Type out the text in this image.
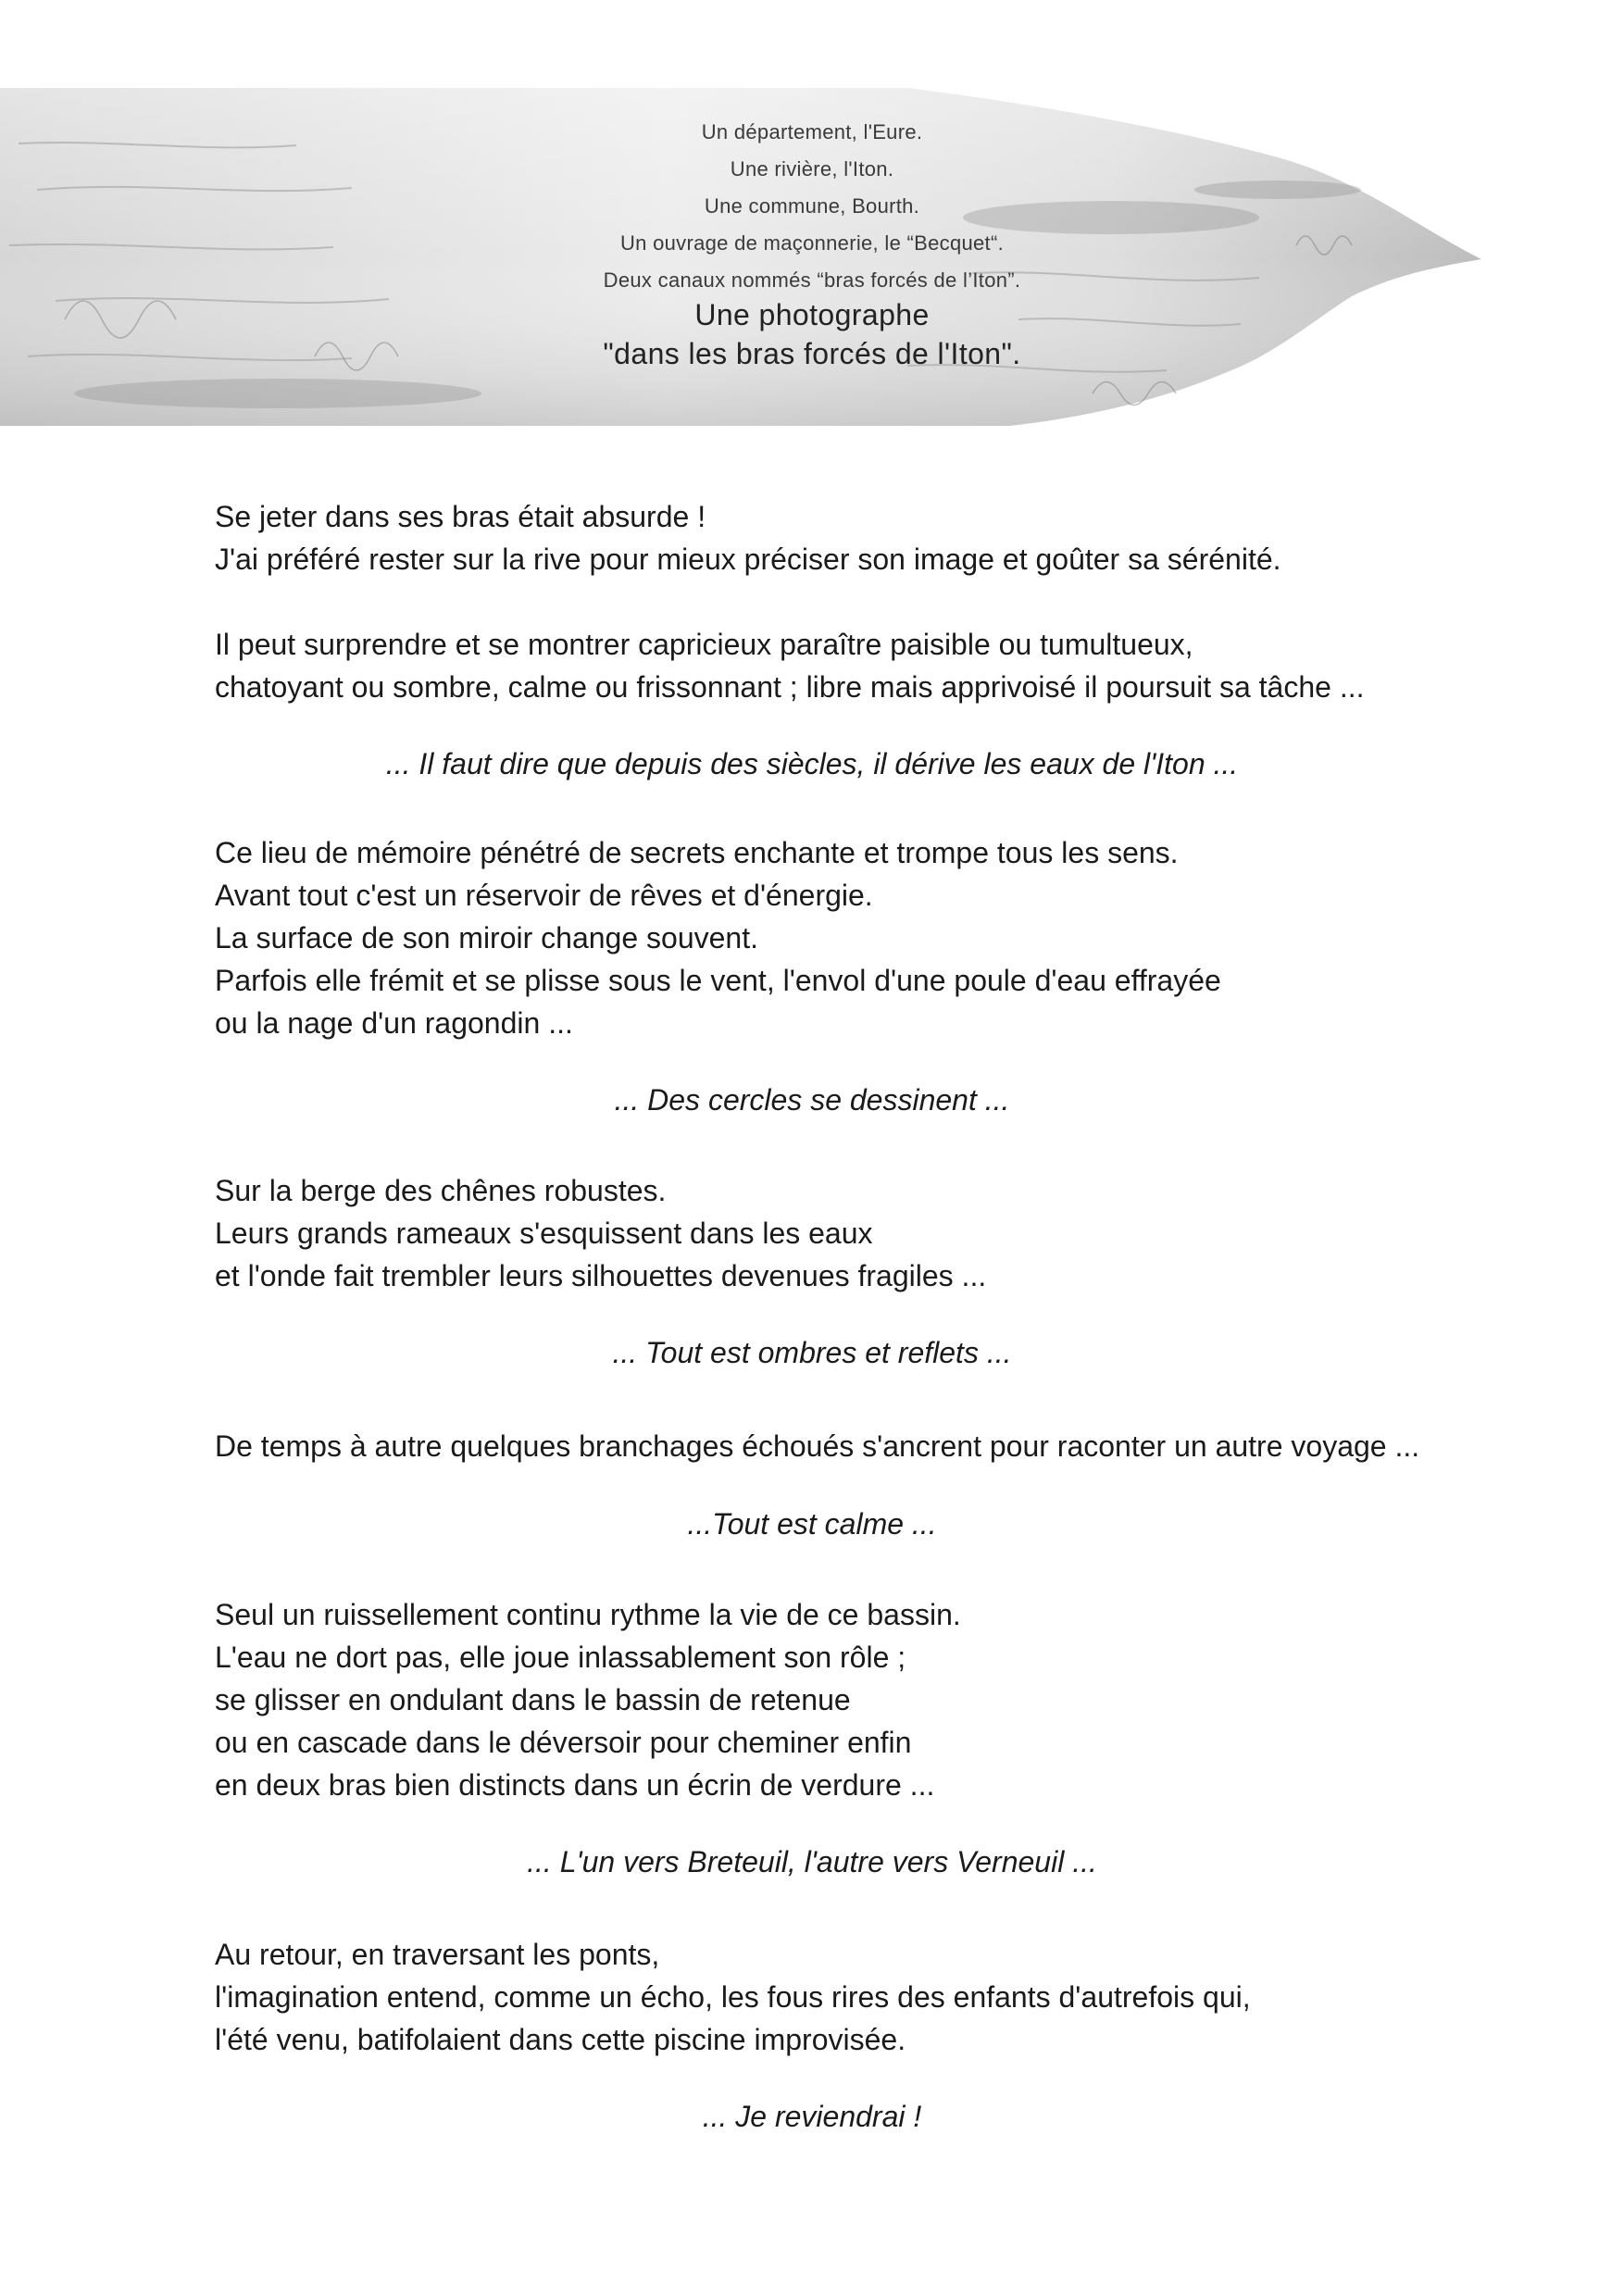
Un département, l'Eure.
Une rivière, l'Iton.
Une commune, Bourth.
Un ouvrage de maçonnerie, le “Becquet“.
Deux canaux nommés “bras forcés de l’Iton”.
Une photographe
"dans les bras forcés de l'Iton".
Se jeter dans ses bras était absurde !
J'ai préféré rester sur la rive pour mieux préciser son image et goûter sa sérénité.
Il peut surprendre et se montrer capricieux paraître paisible ou tumultueux,
chatoyant ou sombre, calme ou frissonnant ; libre mais apprivoisé il poursuit sa tâche ...
... Il faut dire que depuis des siècles, il dérive les eaux de l'Iton ...
Ce lieu de mémoire pénétré de secrets enchante et trompe tous les sens.
Avant tout c'est un réservoir de rêves et d'énergie.
La surface de son miroir change souvent.
Parfois elle frémit et se plisse sous le vent, l'envol d'une poule d'eau effrayée
ou la nage d'un ragondin ...
... Des cercles se dessinent ...
Sur la berge des chênes robustes.
Leurs grands rameaux s'esquissent dans les eaux
et l'onde fait trembler leurs silhouettes devenues fragiles ...
... Tout est ombres et reflets ...
De temps à autre quelques branchages échoués s'ancrent pour raconter un autre voyage ...
...Tout est calme ...
Seul un ruissellement continu rythme la vie de ce bassin.
L'eau ne dort pas, elle joue inlassablement son rôle ;
se glisser en ondulant dans le bassin de retenue
ou en cascade dans le déversoir pour cheminer enfin
en deux bras bien distincts dans un écrin de verdure ...
... L'un vers Breteuil, l'autre vers Verneuil ...
Au retour, en traversant les ponts,
l'imagination entend, comme un écho, les fous rires des enfants d'autrefois qui,
l'été venu, batifolaient dans cette piscine improvisée.
... Je reviendrai !
